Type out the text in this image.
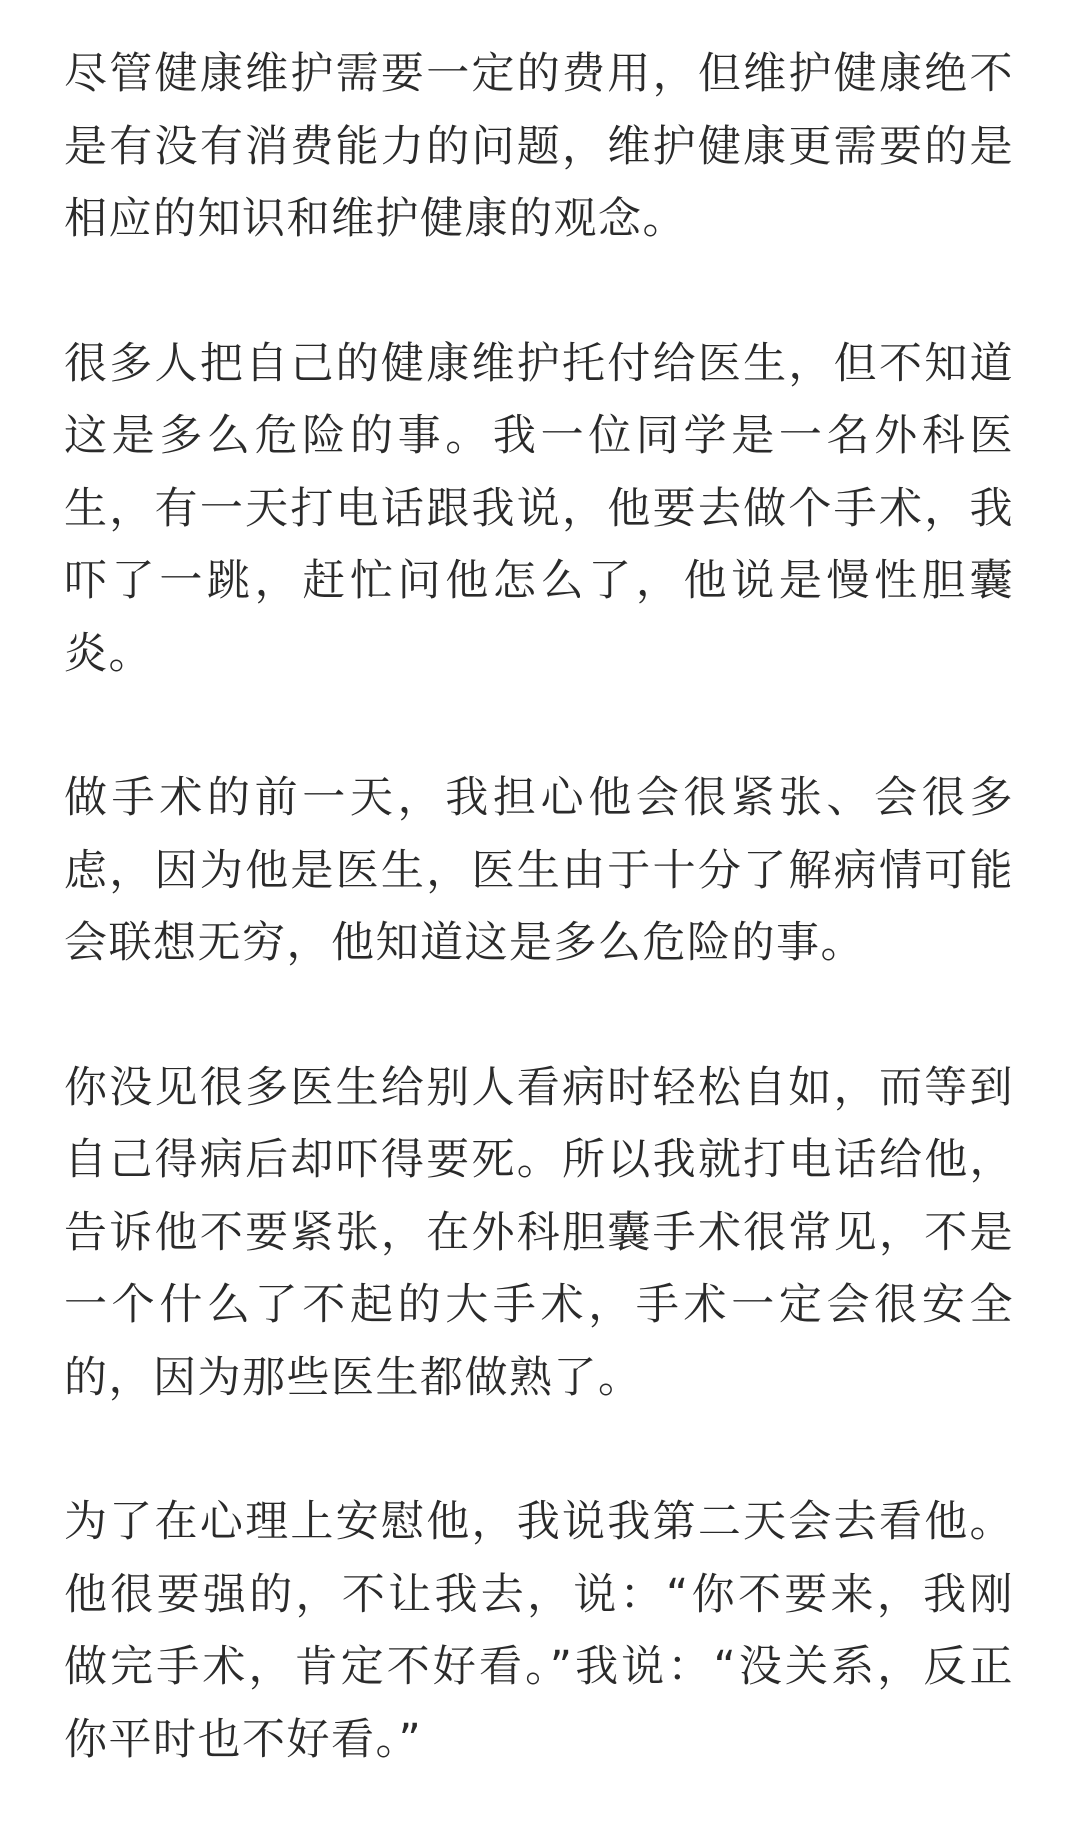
尽管健康维护需要一定的费用，但维护健康绝不
是有没有消费能力的问题，维护健康更需要的是
相应的知识和维护健康的观念。

很多人把自己的健康维护托付给医生，但不知道
这是多么危险的事。我一位同学是一名外科医
生，有一天打电话跟我说，他要去做个手术，我
吓了一跳，赶忙问他怎么了，他说是慢性胆囊
炎。

做手术的前一天，我担心他会很紧张、会很多
虑，因为他是医生，医生由于十分了解病情可能
会联想无穷，他知道这是多么危险的事。

你没见很多医生给别人看病时轻松自如，而等到
自己得病后却吓得要死。所以我就打电话给他，
告诉他不要紧张，在外科胆囊手术很常见，不是
一个什么了不起的大手术，手术一定会很安全
的，因为那些医生都做熟了。

为了在心理上安慰他，我说我第二天会去看他。
他很要强的，不让我去，说：“你不要来，我刚
做完手术，肯定不好看。”我说：“没关系，反正
你平时也不好看。”
